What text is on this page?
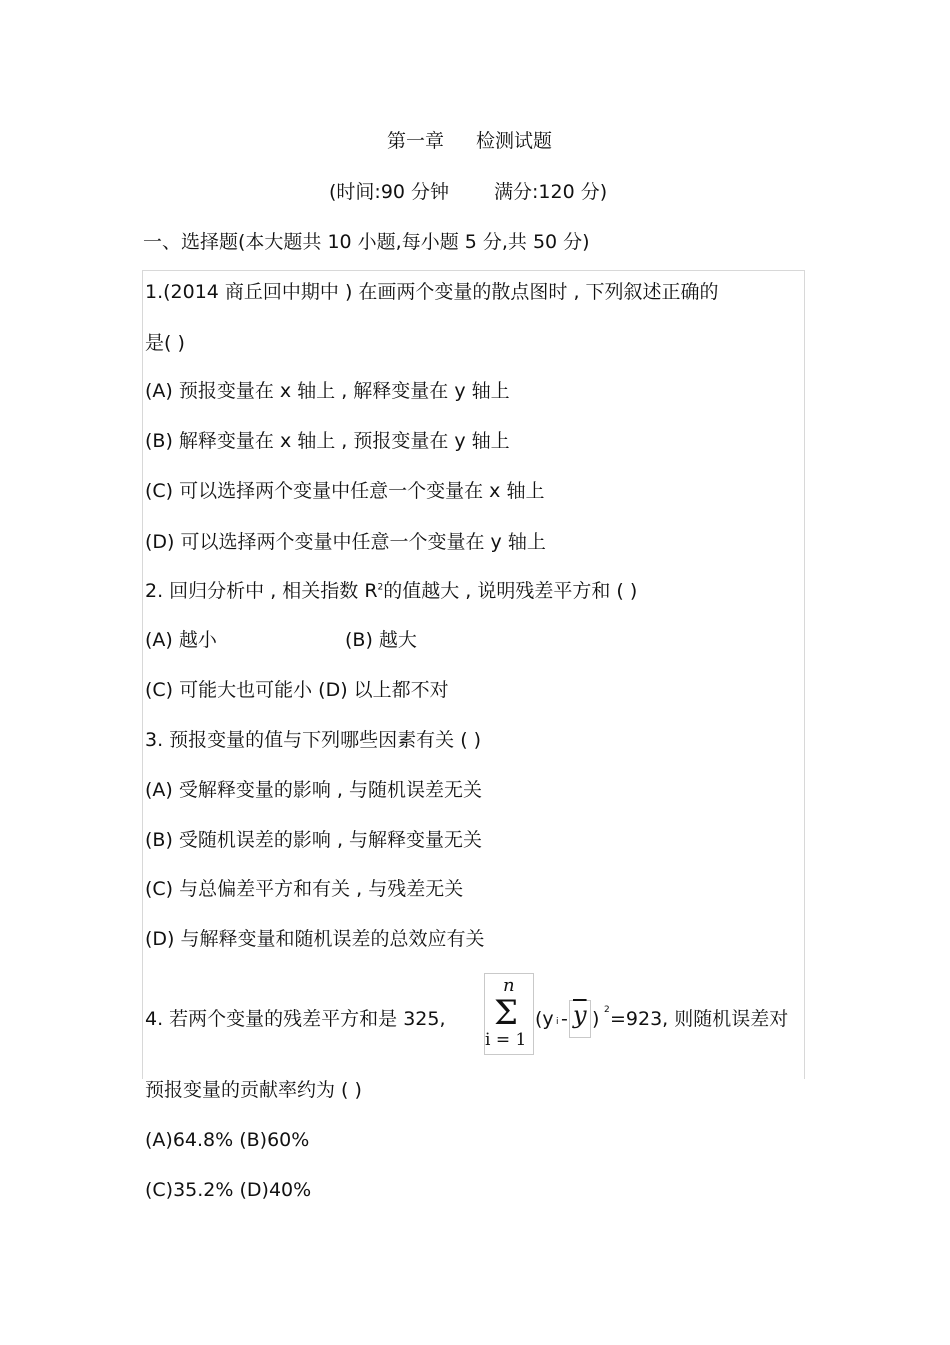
第一章 检测试题
(时间:90 分钟 满分:120 分)
一、选择题(本大题共 10 小题,每小题 5 分,共 50 分)
1.(2014 商丘回中期中 ) 在画两个变量的散点图时 , 下列叙述正确的
是( )
(A) 预报变量在 x 轴上 , 解释变量在 y 轴上
(B) 解释变量在 x 轴上 , 预报变量在 y 轴上
(C) 可以选择两个变量中任意一个变量在 x 轴上
(D) 可以选择两个变量中任意一个变量在 y 轴上
2. 回归分析中 , 相关指数 $R^2$的值越大 , 说明残差平方和 ( )
(A) 越小	(B) 越大
(C) 可能大也可能小 (D) 以上都不对
3. 预报变量的值与下列哪些因素有关 ( )
(A) 受解释变量的影响 , 与随机误差无关
(B) 受随机误差的影响 , 与解释变量无关
(C) 与总偏差平方和有关 , 与残差无关
(D) 与解释变量和随机误差的总效应有关
4. 若两个变量的残差平方和是 325,
n
Σ
i = 1
(y i - $\overline{y}$ ) 2 =923, 则随机误差对
预报变量的贡献率约为 ( )
(A)64.8% (B)60%
(C)35.2% (D)40%
